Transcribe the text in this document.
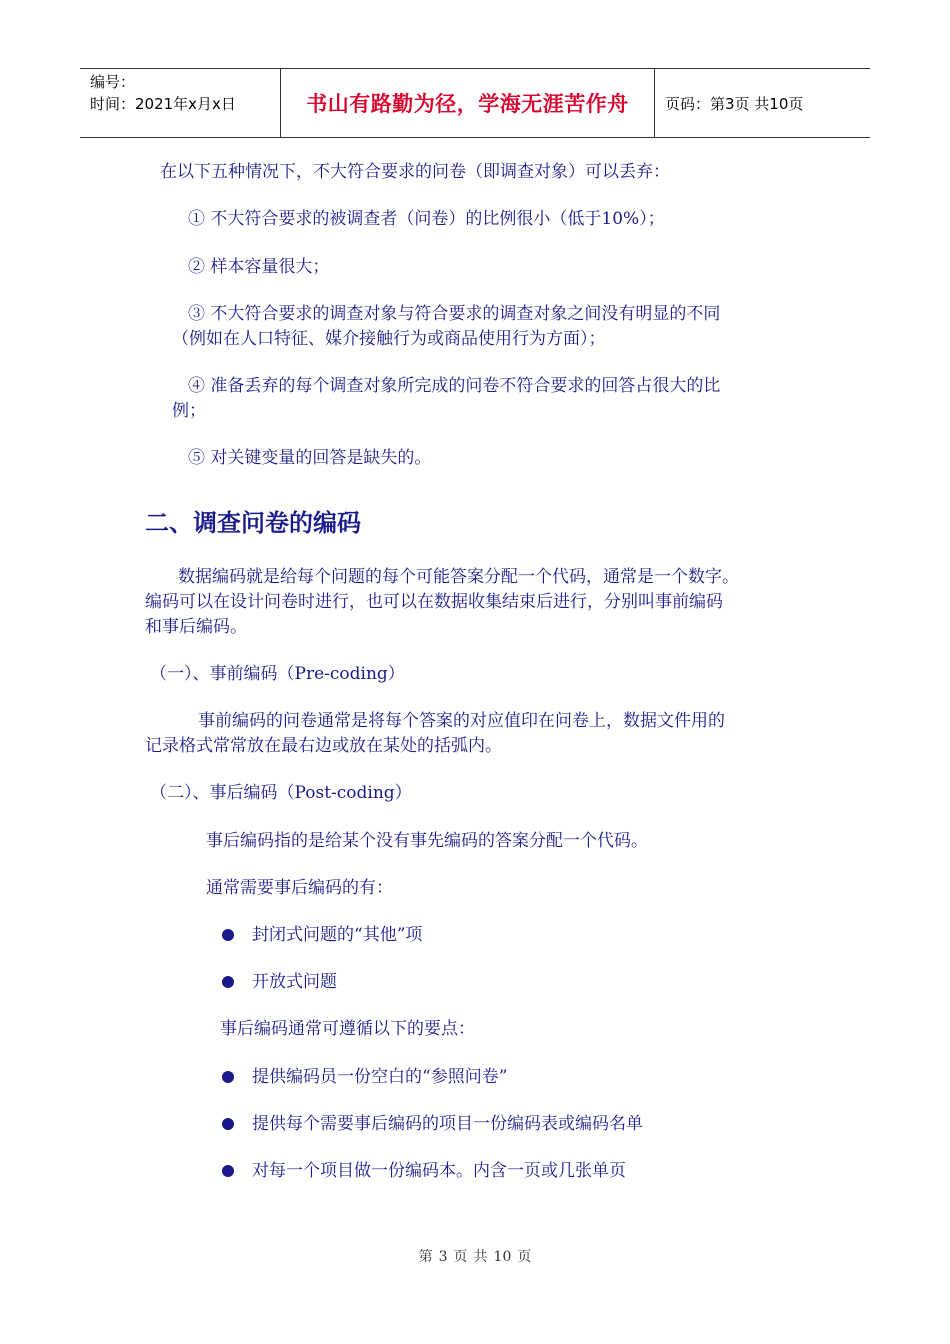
编号：
时间：2021年x月x日	书山有路勤为径，学海无涯苦作舟	页码：第3页 共10页
在以下五种情况下，不大符合要求的问卷（即调查对象）可以丢弃：
① 不大符合要求的被调查者（问卷）的比例很小（低于10%）；
② 样本容量很大；
③ 不大符合要求的调查对象与符合要求的调查对象之间没有明显的不同
（例如在人口特征、媒介接触行为或商品使用行为方面）；
④ 准备丢弃的每个调查对象所完成的问卷不符合要求的回答占很大的比
例；
⑤ 对关键变量的回答是缺失的。
二、调查问卷的编码
数据编码就是给每个问题的每个可能答案分配一个代码，通常是一个数字。
编码可以在设计问卷时进行，也可以在数据收集结束后进行，分别叫事前编码
和事后编码。
（一）、事前编码（Pre-coding）
事前编码的问卷通常是将每个答案的对应值印在问卷上，数据文件用的
记录格式常常放在最右边或放在某处的括弧内。
（二）、事后编码（Post-coding）
事后编码指的是给某个没有事先编码的答案分配一个代码。
通常需要事后编码的有：
封闭式问题的“其他”项
开放式问题
事后编码通常可遵循以下的要点：
提供编码员一份空白的“参照问卷”
提供每个需要事后编码的项目一份编码表或编码名单
对每一个项目做一份编码本。内含一页或几张单页
第 3 页 共 10 页
